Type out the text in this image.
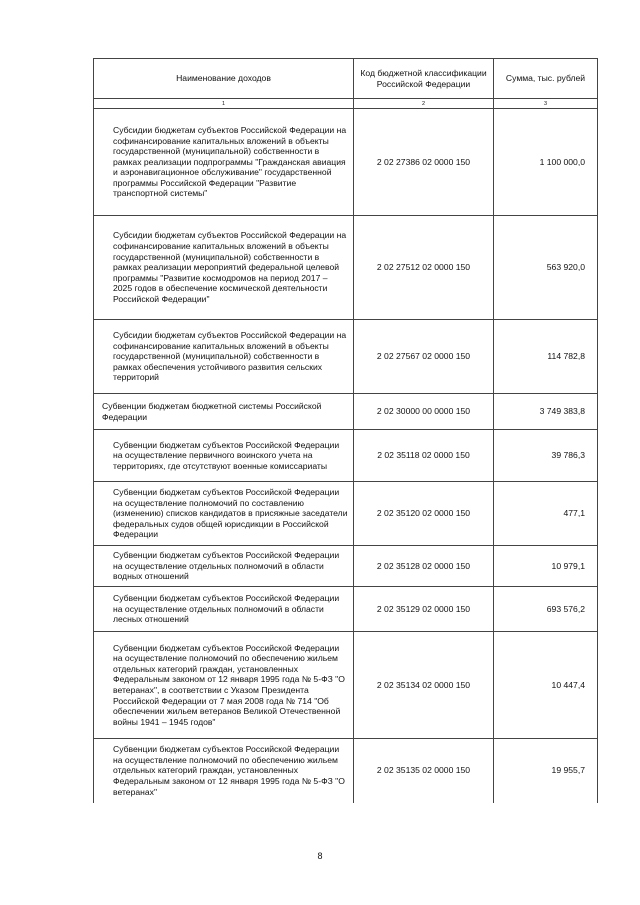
Наименование доходов	Код бюджетной классификации Российской Федерации	Сумма, тыс. рублей
1	2	3
Субсидии бюджетам субъектов Российской Федерации на софинансирование капитальных вложений в объекты государственной (муниципальной) собственности в рамках реализации подпрограммы "Гражданская авиация и аэронавигационное обслуживание" государственной программы Российской Федерации "Развитие транспортной системы"	2 02 27386 02 0000 150	1 100 000,0
Субсидии бюджетам субъектов Российской Федерации на софинансирование капитальных вложений в объекты государственной (муниципальной) собственности в рамках реализации мероприятий федеральной целевой программы "Развитие космодромов на период 2017 – 2025 годов в обеспечение космической деятельности Российской Федерации"	2 02 27512 02 0000 150	563 920,0
Субсидии бюджетам субъектов Российской Федерации на софинансирование капитальных вложений в объекты государственной (муниципальной) собственности в рамках обеспечения устойчивого развития сельских территорий	2 02 27567 02 0000 150	114 782,8
Субвенции бюджетам бюджетной системы Российской Федерации	2 02 30000 00 0000 150	3 749 383,8
Субвенции бюджетам субъектов Российской Федерации на осуществление первичного воинского учета на территориях, где отсутствуют военные комиссариаты	2 02 35118 02 0000 150	39 786,3
Субвенции бюджетам субъектов Российской Федерации на осуществление полномочий по составлению (изменению) списков кандидатов в присяжные заседатели федеральных судов общей юрисдикции в Российской Федерации	2 02 35120 02 0000 150	477,1
Субвенции бюджетам субъектов Российской Федерации на осуществление отдельных полномочий в области водных отношений	2 02 35128 02 0000 150	10 979,1
Субвенции бюджетам субъектов Российской Федерации на осуществление отдельных полномочий в области лесных отношений	2 02 35129 02 0000 150	693 576,2
Субвенции бюджетам субъектов Российской Федерации на осуществление полномочий по обеспечению жильем отдельных категорий граждан, установленных Федеральным законом от 12 января 1995 года № 5-ФЗ "О ветеранах", в соответствии с Указом Президента Российской Федерации от 7 мая 2008 года № 714 "Об обеспечении жильем ветеранов Великой Отечественной войны 1941 – 1945 годов"	2 02 35134 02 0000 150	10 447,4
Субвенции бюджетам субъектов Российской Федерации на осуществление полномочий по обеспечению жильем отдельных категорий граждан, установленных Федеральным законом от 12 января 1995 года № 5-ФЗ "О ветеранах"	2 02 35135 02 0000 150	19 955,7
8
